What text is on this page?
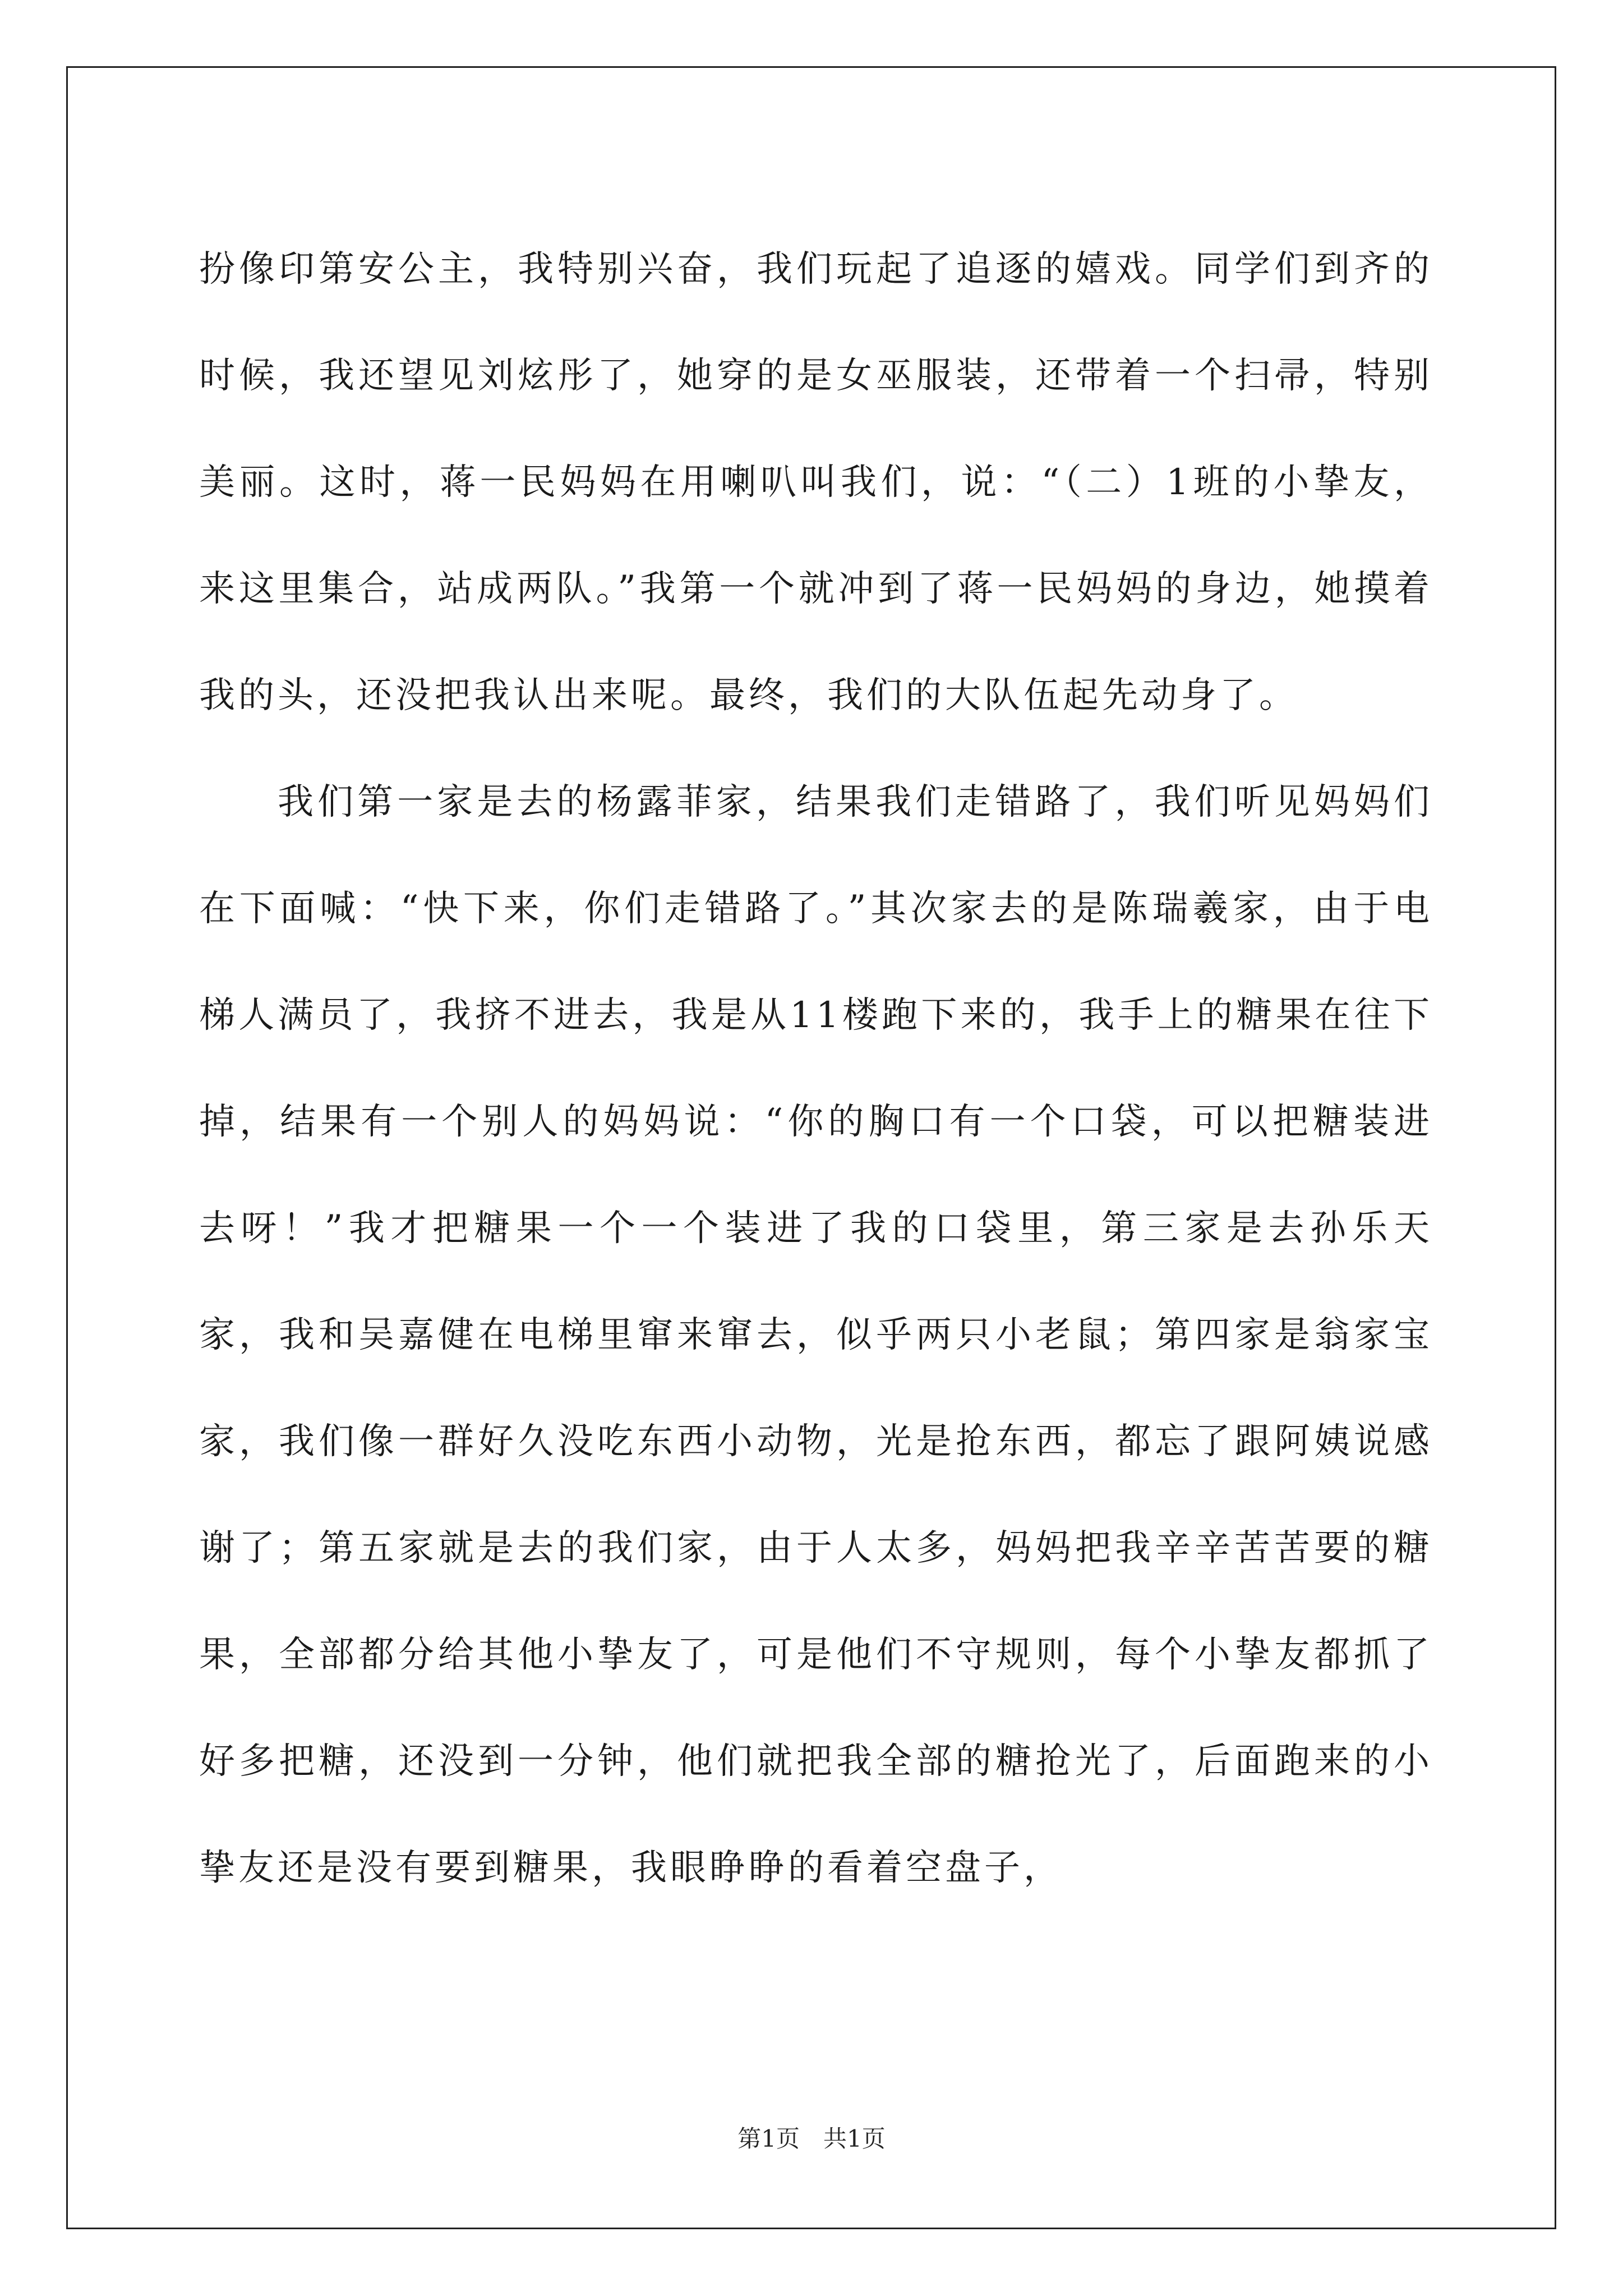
扮像印第安公主，我特别兴奋，我们玩起了追逐的嬉戏。同学们到齐的时候，我还望见刘炫彤了，她穿的是女巫服装，还带着一个扫帚，特别美丽。这时，蒋一民妈妈在用喇叭叫我们，说：“（二）1班的小挚友，来这里集合，站成两队。”我第一个就冲到了蒋一民妈妈的身边，她摸着我的头，还没把我认出来呢。最终，我们的大队伍起先动身了。

我们第一家是去的杨露菲家，结果我们走错路了，我们听见妈妈们在下面喊：“快下来，你们走错路了。”其次家去的是陈瑞羲家，由于电梯人满员了，我挤不进去，我是从11楼跑下来的，我手上的糖果在往下掉，结果有一个别人的妈妈说：“你的胸口有一个口袋，可以把糖装进去呀！”我才把糖果一个一个装进了我的口袋里，第三家是去孙乐天家，我和吴嘉健在电梯里窜来窜去，似乎两只小老鼠；第四家是翁家宝家，我们像一群好久没吃东西小动物，光是抢东西，都忘了跟阿姨说感谢了；第五家就是去的我们家，由于人太多，妈妈把我辛辛苦苦要的糖果，全部都分给其他小挚友了，可是他们不守规则，每个小挚友都抓了好多把糖，还没到一分钟，他们就把我全部的糖抢光了，后面跑来的小挚友还是没有要到糖果，我眼睁睁的看着空盘子，

第1页　共1页
